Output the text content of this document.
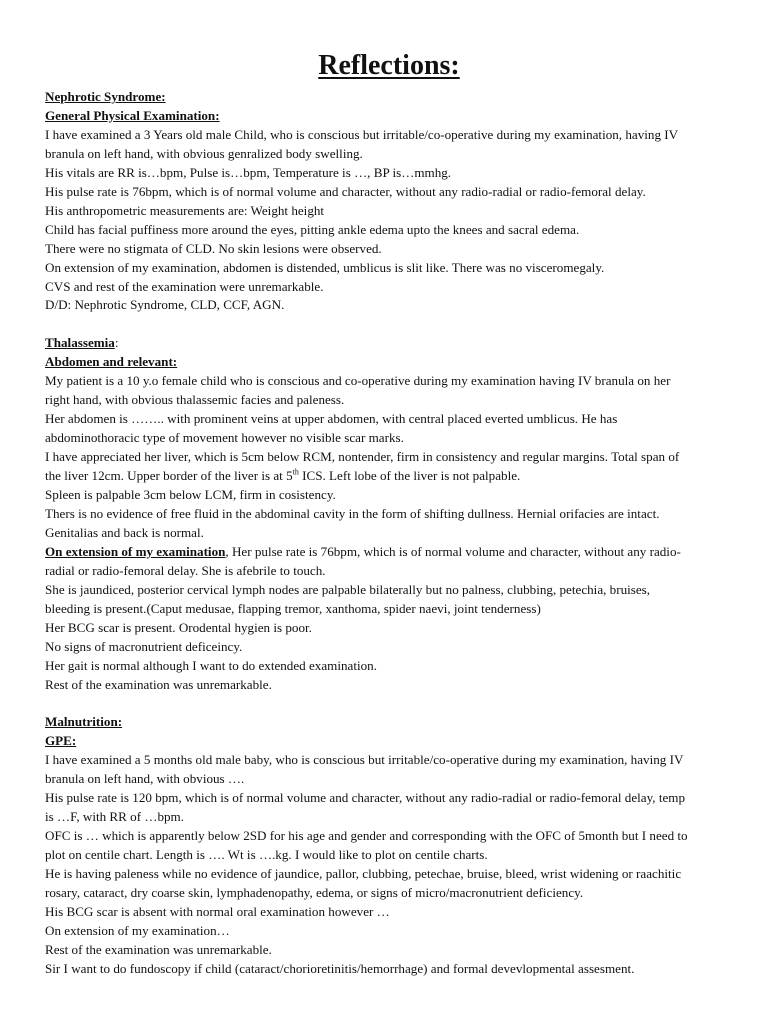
Reflections:
Nephrotic Syndrome:
General Physical Examination:
I have examined a 3 Years old male Child, who is conscious but irritable/co-operative during my examination, having IV
branula on left hand, with obvious genralized body swelling.
His vitals are RR is…bpm, Pulse is…bpm, Temperature is …, BP is…mmhg.
His pulse rate is 76bpm, which is of normal volume and character, without any radio-radial or radio-femoral delay.
His anthropometric measurements are: Weight height
Child has facial puffiness more around the eyes, pitting ankle edema upto the knees and sacral edema.
There were no stigmata of CLD. No skin lesions were observed.
On extension of my examination, abdomen is distended, umblicus is slit like. There was no visceromegaly.
CVS and rest of the examination were unremarkable.
D/D: Nephrotic Syndrome, CLD, CCF, AGN.
Thalassemia:
Abdomen and relevant:
My patient is a 10 y.o female child who is conscious and co-operative during my examination having IV branula on her
right hand, with obvious thalassemic facies and paleness.
Her abdomen is …….. with prominent veins at upper abdomen, with central placed everted umblicus. He has
abdominothoracic type of movement however no visible scar marks.
I have appreciated her liver, which is 5cm below RCM, nontender, firm in consistency and regular margins. Total span of
the liver 12cm. Upper border of the liver is at 5th ICS. Left lobe of the liver is not palpable.
Spleen is palpable 3cm below LCM, firm in cosistency.
Thers is no evidence of free fluid in the abdominal cavity in the form of shifting dullness. Hernial orifacies are intact.
Genitalias and back is normal.
On extension of my examination, Her pulse rate is 76bpm, which is of normal volume and character, without any radio-
radial or radio-femoral delay. She is afebrile to touch.
She is jaundiced, posterior cervical lymph nodes are palpable bilaterally but no palness, clubbing, petechia, bruises,
bleeding is present.(Caput medusae, flapping tremor, xanthoma, spider naevi, joint tenderness)
Her BCG scar is present. Orodental hygien is poor.
No signs of macronutrient deficeincy.
Her gait is normal although I want to do extended examination.
Rest of the examination was unremarkable.
Malnutrition:
GPE:
I have examined a 5 months old male baby, who is conscious but irritable/co-operative during my examination, having IV
branula on left hand, with obvious ….
His pulse rate is 120 bpm, which is of normal volume and character, without any radio-radial or radio-femoral delay, temp
is …F, with RR of …bpm.
OFC is … which is apparently below 2SD for his age and gender and corresponding with the OFC of 5month but I need to
plot on centile chart. Length is …. Wt is ….kg. I would like to plot on centile charts.
He is having paleness while no evidence of jaundice, pallor, clubbing, petechae, bruise, bleed, wrist widening or raachitic
rosary, cataract, dry coarse skin, lymphadenopathy, edema, or signs of micro/macronutrient deficiency.
His BCG scar is absent with normal oral examination however …
On extension of my examination…
Rest of the examination was unremarkable.
Sir I want to do fundoscopy if child (cataract/chorioretinitis/hemorrhage) and formal devevlopmental assesment.
